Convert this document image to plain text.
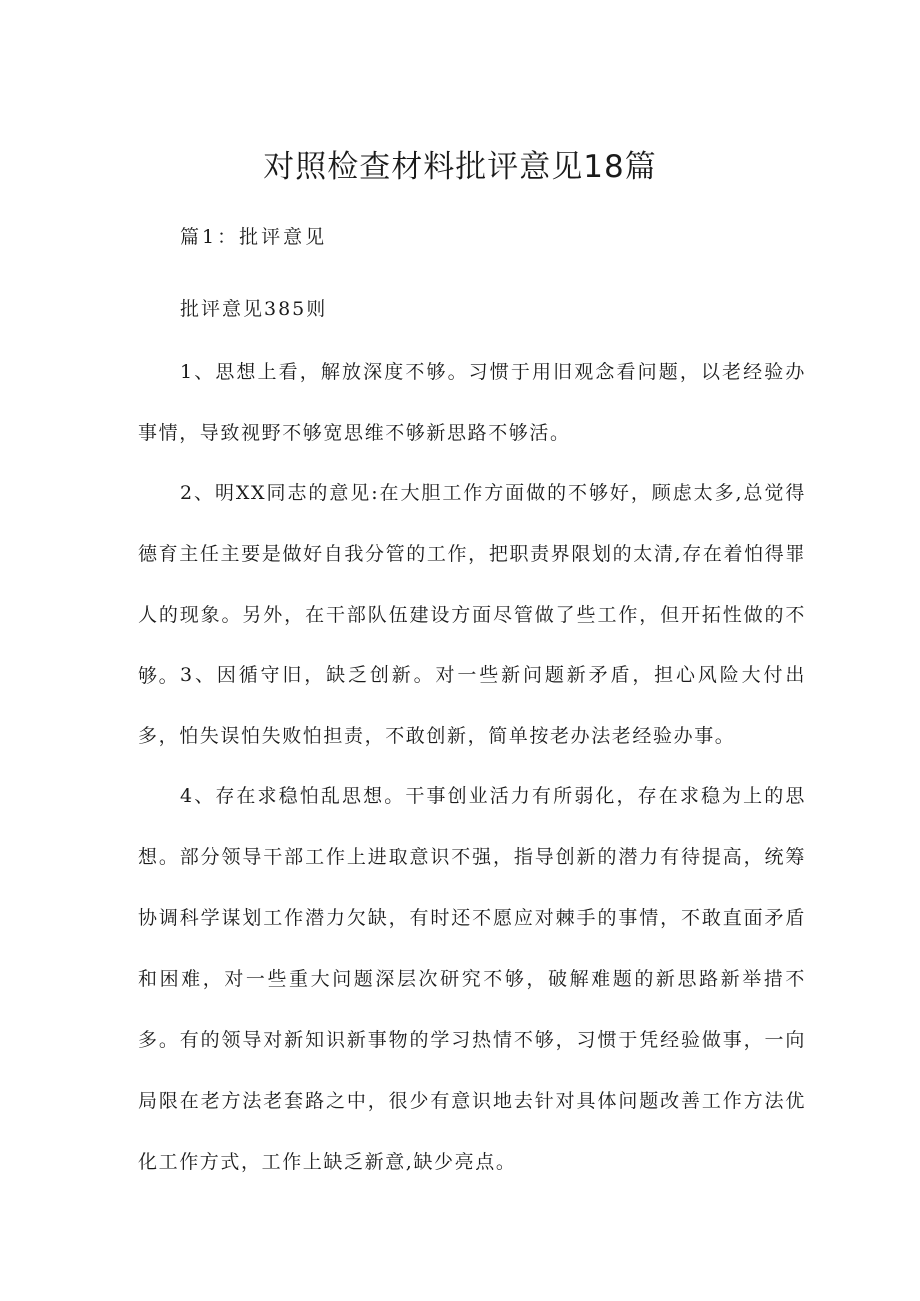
对照检查材料批评意见18篇

篇1：批评意见

批评意见385则

1、思想上看，解放深度不够。习惯于用旧观念看问题，以老经验办事情，导致视野不够宽思维不够新思路不够活。

2、明XX同志的意见:在大胆工作方面做的不够好，顾虑太多,总觉得德育主任主要是做好自我分管的工作，把职责界限划的太清,存在着怕得罪人的现象。另外，在干部队伍建设方面尽管做了些工作，但开拓性做的不够。 3、因循守旧，缺乏创新。对一些新问题新矛盾，担心风险大付出多，怕失误怕失败怕担责，不敢创新，简单按老办法老经验办事。

4、存在求稳怕乱思想。干事创业活力有所弱化，存在求稳为上的思想。部分领导干部工作上进取意识不强，指导创新的潜力有待提高，统筹协调科学谋划工作潜力欠缺，有时还不愿应对棘手的事情，不敢直面矛盾和困难，对一些重大问题深层次研究不够，破解难题的新思路新举措不多。有的领导对新知识新事物的学习热情不够，习惯于凭经验做事，一向局限在老方法老套路之中，很少有意识地去针对具体问题改善工作方法优化工作方式，工作上缺乏新意,缺少亮点。
